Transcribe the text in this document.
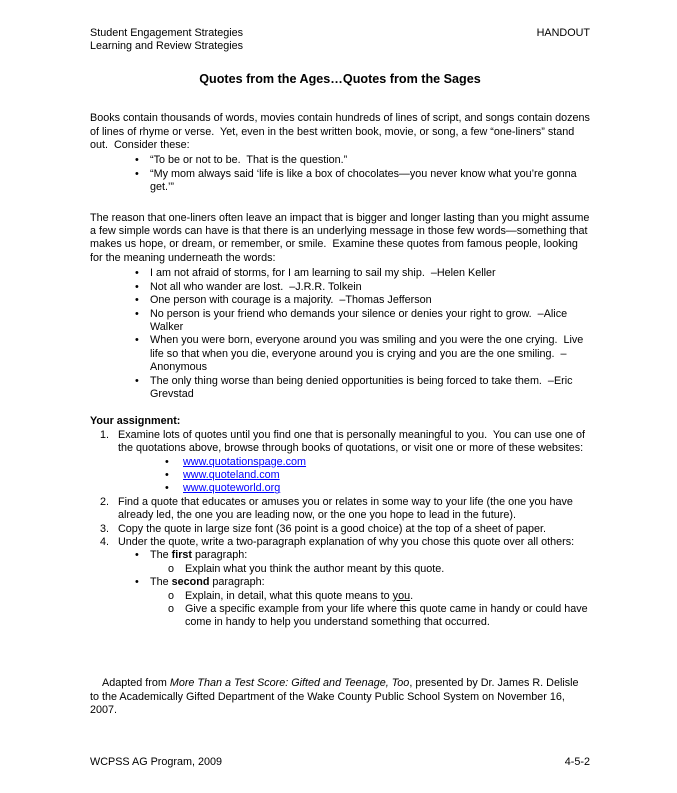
Student Engagement Strategies
Learning and Review Strategies
HANDOUT
Quotes from the Ages…Quotes from the Sages

Books contain thousands of words, movies contain hundreds of lines of script, and songs contain dozens of lines of rhyme or verse.  Yet, even in the best written book, movie, or song, a few “one-liners” stand out.  Consider these:

•	“To be or not to be.  That is the question.”
•	“My mom always said ‘life is like a box of chocolates—you never know what you’re gonna get.’”

The reason that one-liners often leave an impact that is bigger and longer lasting than you might assume a few simple words can have is that there is an underlying message in those few words—something that makes us hope, or dream, or remember, or smile.  Examine these quotes from famous people, looking for the meaning underneath the words:

•	I am not afraid of storms, for I am learning to sail my ship.  –Helen Keller
•	Not all who wander are lost.  –J.R.R. Tolkein
•	One person with courage is a majority.  –Thomas Jefferson
•	No person is your friend who demands your silence or denies your right to grow.  –Alice Walker
•	When you were born, everyone around you was smiling and you were the one crying.  Live life so that when you die, everyone around you is crying and you are the one smiling.  –Anonymous
•	The only thing worse than being denied opportunities is being forced to take them.  –Eric Grevstad
Your assignment:
1. Examine lots of quotes until you find one that is personally meaningful to you.  You can use one of the quotations above, browse through books of quotations, or visit one or more of these websites:
•	www.quotationspage.com
•	www.quoteland.com
•	www.quoteworld.org
2. Find a quote that educates or amuses you or relates in some way to your life (the one you have already led, the one you are leading now, or the one you hope to lead in the future).
3. Copy the quote in large size font (36 point is a good choice) at the top of a sheet of paper.
4. Under the quote, write a two-paragraph explanation of why you chose this quote over all others:
•	The first paragraph:
o	Explain what you think the author meant by this quote.
•	The second paragraph:
o	Explain, in detail, what this quote means to you.
o	Give a specific example from your life where this quote came in handy or could have come in handy to help you understand something that occurred.

Adapted from More Than a Test Score: Gifted and Teenage, Too, presented by Dr. James R. Delisle to the Academically Gifted Department of the Wake County Public School System on November 16, 2007.

WCPSS AG Program, 2009	4-5-2
